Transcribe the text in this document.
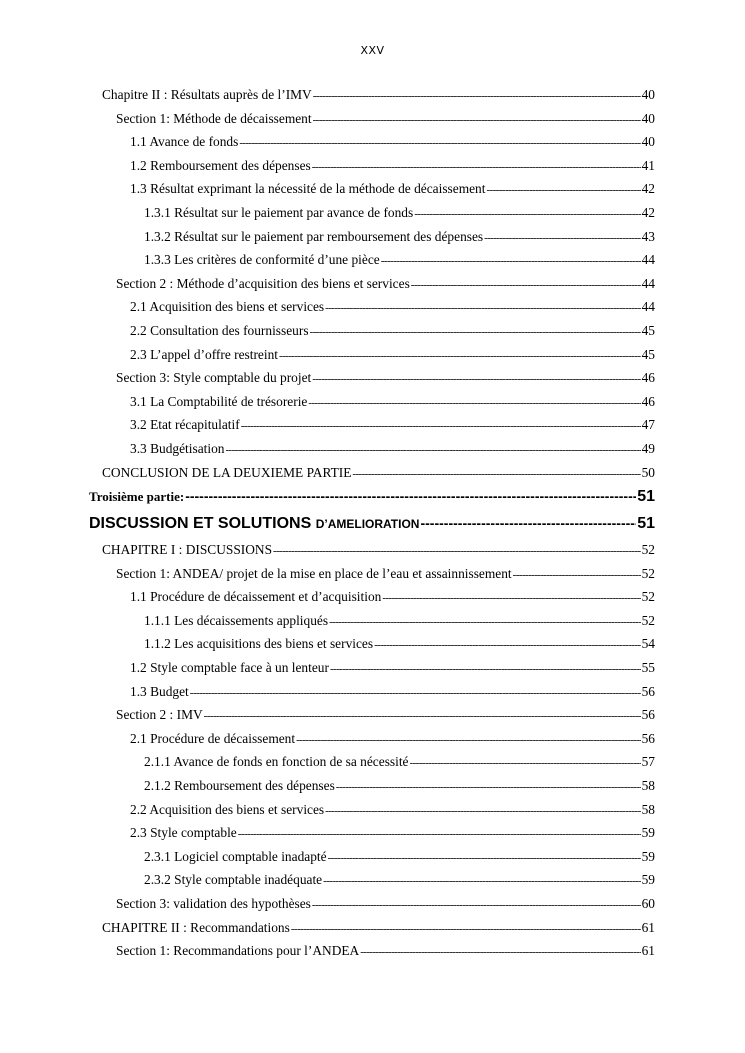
XXV
Chapitre II : Résultats auprès de l’IMV -----	40
Section 1: Méthode de décaissement -----	40
1.1 Avance de fonds -----	40
1.2 Remboursement des dépenses -----	41
1.3 Résultat exprimant la nécessité de la méthode de décaissement -----	42
1.3.1 Résultat sur le paiement par avance de fonds -----	42
1.3.2 Résultat sur le paiement par remboursement des dépenses -----	43
1.3.3 Les critères de conformité d’une pièce -----	44
Section 2 : Méthode d’acquisition des biens et services -----	44
2.1 Acquisition des biens et services -----	44
2.2 Consultation des fournisseurs -----	45
2.3 L’appel d’offre restreint -----	45
Section 3: Style comptable du projet -----	46
3.1 La Comptabilité de trésorerie -----	46
3.2 Etat récapitulatif -----	47
3.3 Budgétisation -----	49
CONCLUSION DE LA DEUXIEME PARTIE -----	50
Troisième partie: -----	51
DISCUSSION ET SOLUTIONS D’AMELIORATION -----	51
CHAPITRE I : DISCUSSIONS -----	52
Section 1: ANDEA/ projet de la mise en place de l’eau et assainnissement -----	52
1.1 Procédure de décaissement et d’acquisition -----	52
1.1.1 Les décaissements appliqués -----	52
1.1.2 Les acquisitions des biens et services -----	54
1.2 Style comptable face à un lenteur -----	55
1.3 Budget -----	56
Section 2 : IMV -----	56
2.1 Procédure de décaissement -----	56
2.1.1 Avance de fonds en fonction de sa nécessité -----	57
2.1.2 Remboursement des dépenses -----	58
2.2 Acquisition des biens et services -----	58
2.3 Style comptable -----	59
2.3.1 Logiciel comptable inadapté -----	59
2.3.2 Style comptable inadéquate -----	59
Section 3: validation des hypothèses -----	60
CHAPITRE II : Recommandations -----	61
Section 1: Recommandations pour l’ANDEA -----	61
